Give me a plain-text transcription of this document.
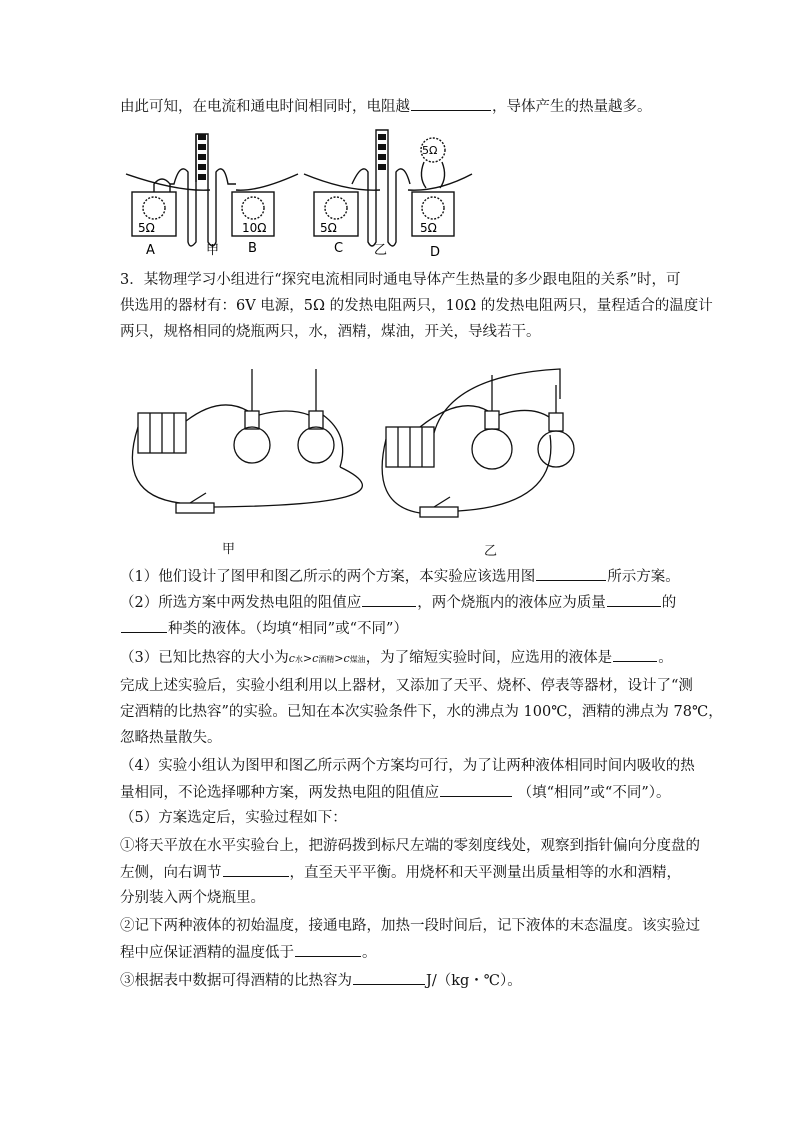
由此可知，在电流和通电时间相同时，电阻越	，导体产生的热量越多。
5Ω	10Ω	5Ω	5Ω
5Ω
A	甲 B	C 乙	D
3．某物理学习小组进行“探究电流相同时通电导体产生热量的多少跟电阻的关系”时，可
供选用的器材有：6V 电源，5Ω 的发热电阻两只，10Ω 的发热电阻两只，量程适合的温度计
两只，规格相同的烧瓶两只，水，酒精，煤油，开关，导线若干。
甲	乙
（1）他们设计了图甲和图乙所示的两个方案，本实验应该选用图	所示方案。
（2）所选方案中两发热电阻的阻值应	，两个烧瓶内的液体应为质量	的
种类的液体。（均填“相同”或“不同”）
（3）已知比热容的大小为c水>c酒精>c煤油，为了缩短实验时间，应选用的液体是	。
完成上述实验后，实验小组利用以上器材，又添加了天平、烧杯、停表等器材，设计了“测
定酒精的比热容”的实验。已知在本次实验条件下，水的沸点为 100℃，酒精的沸点为 78℃，
忽略热量散失。
（4）实验小组认为图甲和图乙所示两个方案均可行，为了让两种液体相同时间内吸收的热
量相同，不论选择哪种方案，两发热电阻的阻值应	（填“相同”或“不同”）。
（5）方案选定后，实验过程如下：
①将天平放在水平实验台上，把游码拨到标尺左端的零刻度线处，观察到指针偏向分度盘的
左侧，向右调节	，直至天平平衡。用烧杯和天平测量出质量相等的水和酒精，
分别装入两个烧瓶里。
②记下两种液体的初始温度，接通电路，加热一段时间后，记下液体的末态温度。该实验过
程中应保证酒精的温度低于	。
③根据表中数据可得酒精的比热容为	J/（kg・℃）。
